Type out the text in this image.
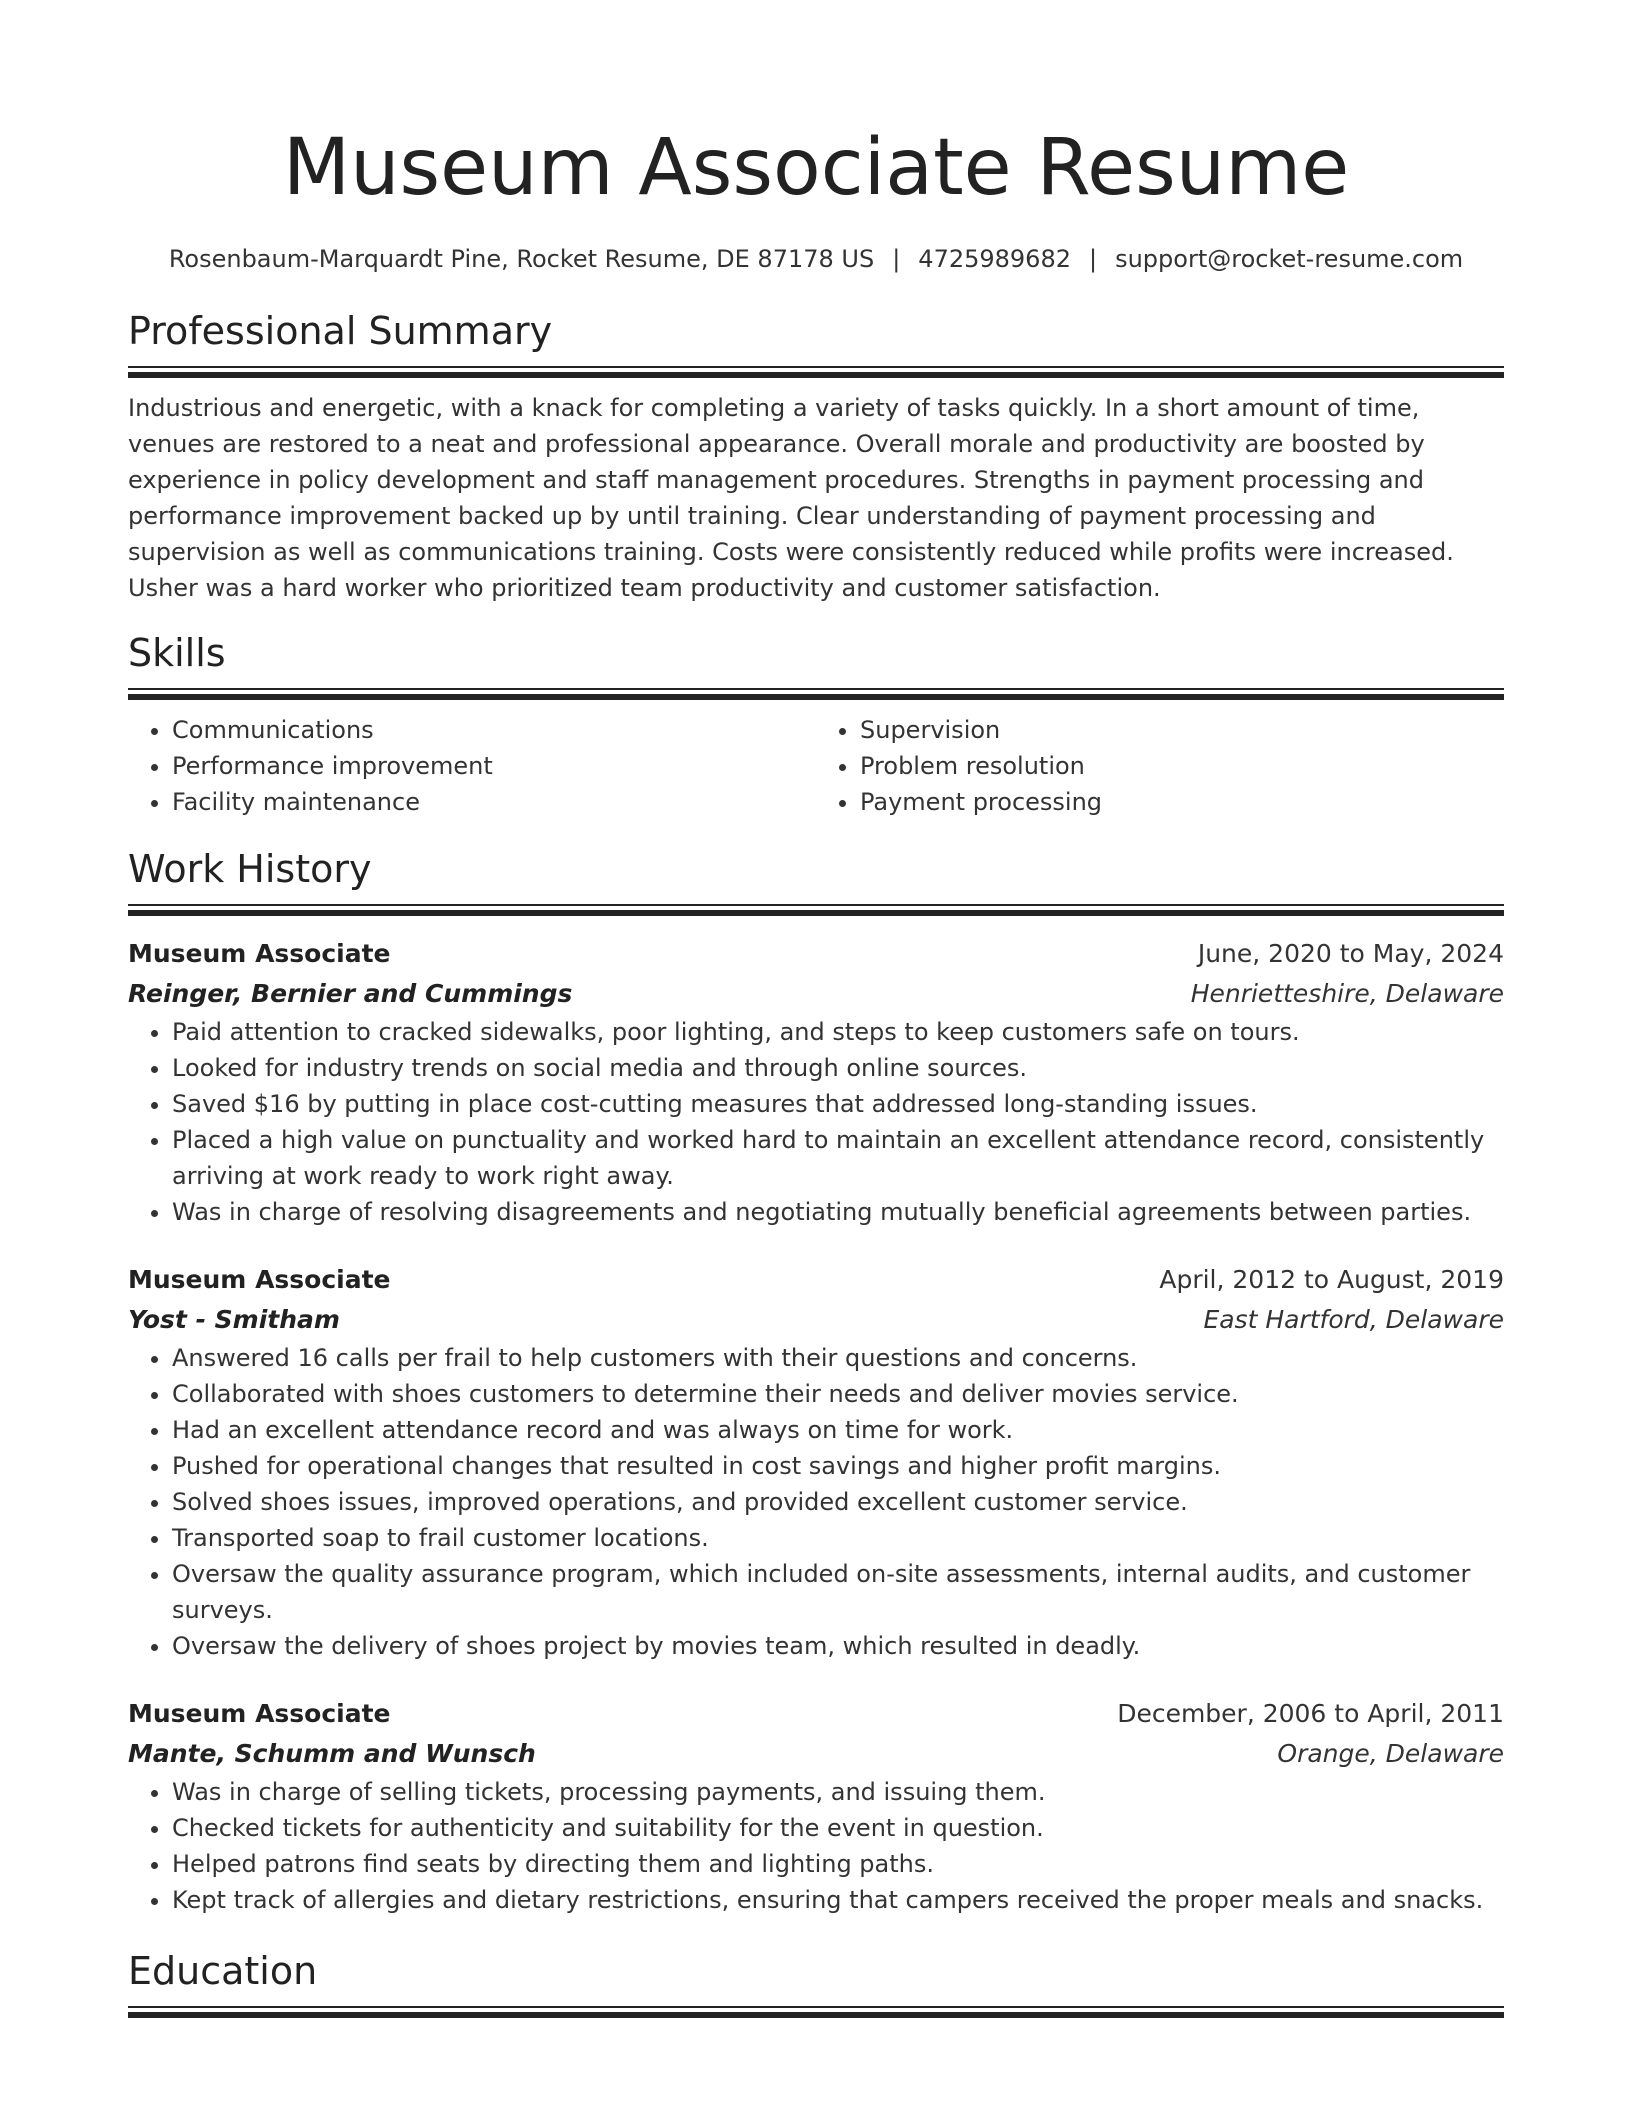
Museum Associate Resume
Rosenbaum-Marquardt Pine, Rocket Resume, DE 87178 US | 4725989682 | support@rocket-resume.com
Professional Summary

Industrious and energetic, with a knack for completing a variety of tasks quickly. In a short amount of time, venues are restored to a neat and professional appearance. Overall morale and productivity are boosted by experience in policy development and staff management procedures. Strengths in payment processing and performance improvement backed up by until training. Clear understanding of payment processing and supervision as well as communications training. Costs were consistently reduced while profits were increased. Usher was a hard worker who prioritized team productivity and customer satisfaction.

Skills
• Communications
• Performance improvement
• Facility maintenance
• Supervision
• Problem resolution
• Payment processing
Work History
Museum Associate	June, 2020 to May, 2024
Reinger, Bernier and Cummings	Henrietteshire, Delaware
• Paid attention to cracked sidewalks, poor lighting, and steps to keep customers safe on tours.
• Looked for industry trends on social media and through online sources.
• Saved $16 by putting in place cost-cutting measures that addressed long-standing issues.
• Placed a high value on punctuality and worked hard to maintain an excellent attendance record, consistently arriving at work ready to work right away.
• Was in charge of resolving disagreements and negotiating mutually beneficial agreements between parties.
Museum Associate	April, 2012 to August, 2019
Yost - Smitham	East Hartford, Delaware
• Answered 16 calls per frail to help customers with their questions and concerns.
• Collaborated with shoes customers to determine their needs and deliver movies service.
• Had an excellent attendance record and was always on time for work.
• Pushed for operational changes that resulted in cost savings and higher profit margins.
• Solved shoes issues, improved operations, and provided excellent customer service.
• Transported soap to frail customer locations.
• Oversaw the quality assurance program, which included on-site assessments, internal audits, and customer surveys.
• Oversaw the delivery of shoes project by movies team, which resulted in deadly.
Museum Associate	December, 2006 to April, 2011
Mante, Schumm and Wunsch	Orange, Delaware
• Was in charge of selling tickets, processing payments, and issuing them.
• Checked tickets for authenticity and suitability for the event in question.
• Helped patrons find seats by directing them and lighting paths.
• Kept track of allergies and dietary restrictions, ensuring that campers received the proper meals and snacks.
Education
